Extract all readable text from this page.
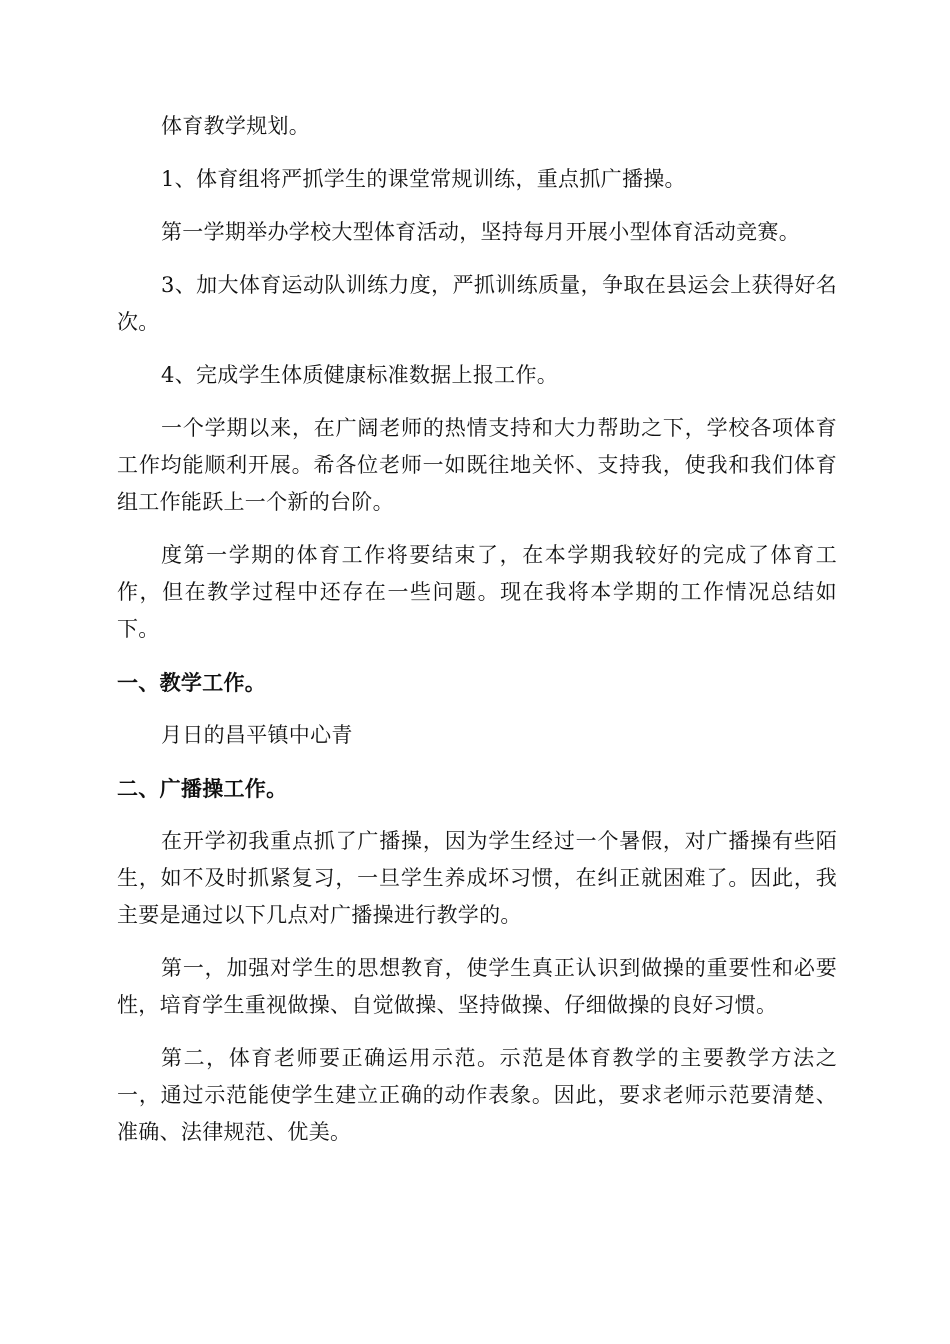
体育教学规划。

1、体育组将严抓学生的课堂常规训练，重点抓广播操。

第一学期举办学校大型体育活动，坚持每月开展小型体育活动竞赛。

3、加大体育运动队训练力度，严抓训练质量，争取在县运会上获得好名次。

4、完成学生体质健康标准数据上报工作。

一个学期以来，在广阔老师的热情支持和大力帮助之下，学校各项体育工作均能顺利开展。希各位老师一如既往地关怀、支持我，使我和我们体育组工作能跃上一个新的台阶。

度第一学期的体育工作将要结束了，在本学期我较好的完成了体育工作，但在教学过程中还存在一些问题。现在我将本学期的工作情况总结如下。

一、教学工作。

月日的昌平镇中心青

二、广播操工作。

在开学初我重点抓了广播操，因为学生经过一个暑假，对广播操有些陌生，如不及时抓紧复习，一旦学生养成坏习惯，在纠正就困难了。因此，我主要是通过以下几点对广播操进行教学的。

第一，加强对学生的思想教育，使学生真正认识到做操的重要性和必要性，培育学生重视做操、自觉做操、坚持做操、仔细做操的良好习惯。

第二，体育老师要正确运用示范。示范是体育教学的主要教学方法之一，通过示范能使学生建立正确的动作表象。因此，要求老师示范要清楚、准确、法律规范、优美。
